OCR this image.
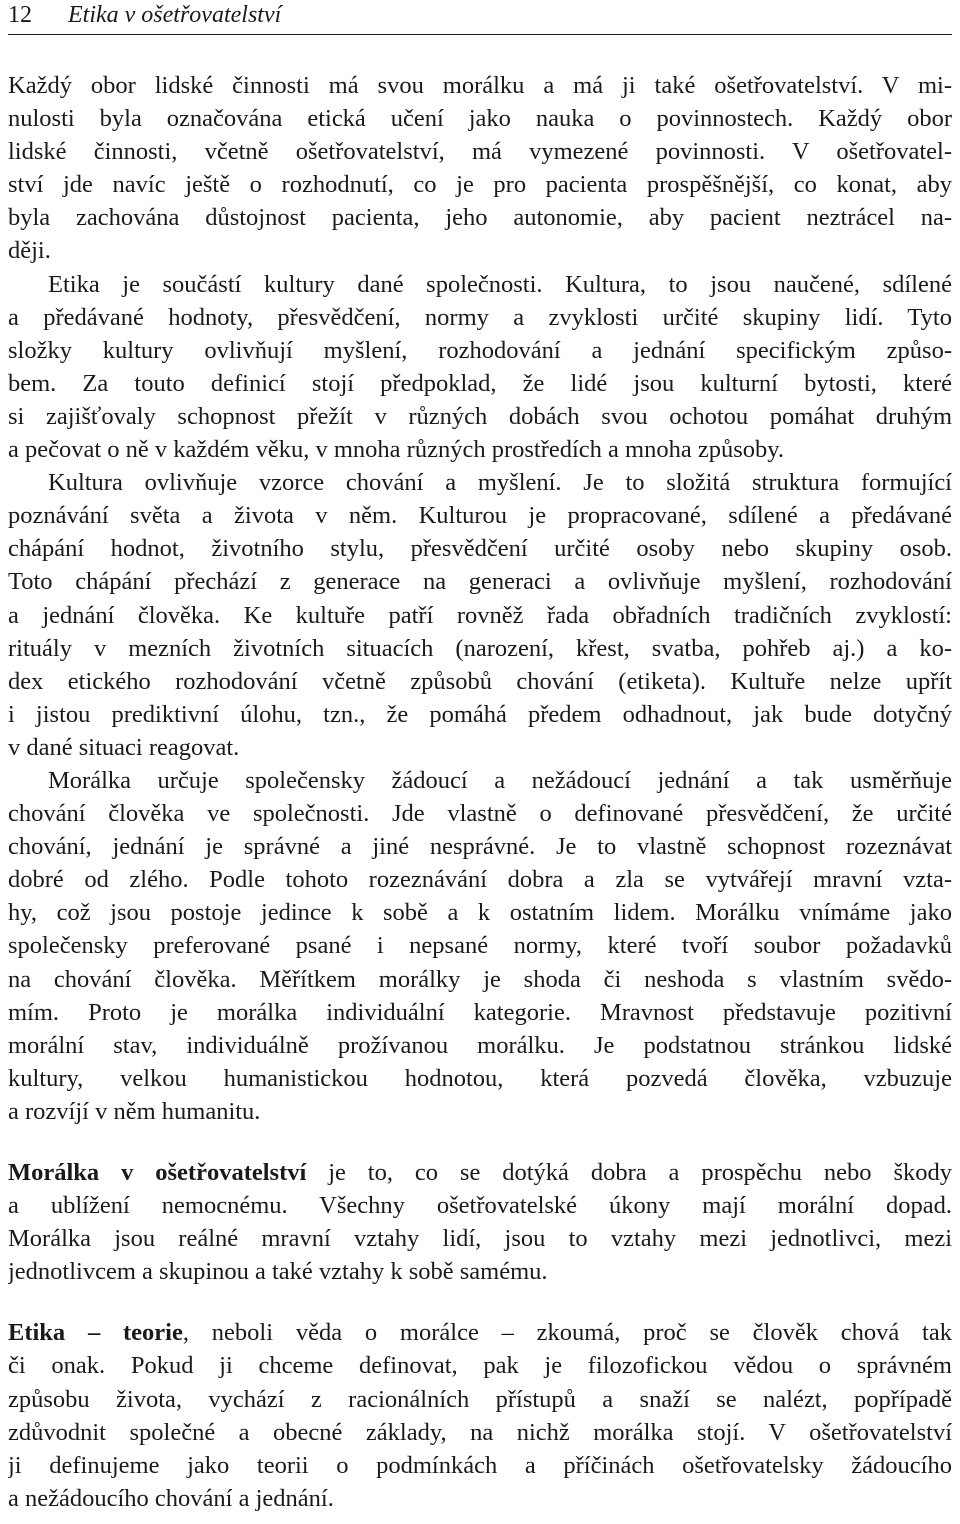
12	Etika v ošetřovatelství
Každý obor lidské činnosti má svou morálku a má ji také ošetřovatelství. V mi-
nulosti byla označována etická učení jako nauka o povinnostech. Každý obor
lidské činnosti, včetně ošetřovatelství, má vymezené povinnosti. V ošetřovatel-
ství jde navíc ještě o rozhodnutí, co je pro pacienta prospěšnější, co konat, aby
byla zachována důstojnost pacienta, jeho autonomie, aby pacient neztrácel na-
ději.
Etika je součástí kultury dané společnosti. Kultura, to jsou naučené, sdílené
a předávané hodnoty, přesvědčení, normy a zvyklosti určité skupiny lidí. Tyto
složky kultury ovlivňují myšlení, rozhodování a jednání specifickým způso-
bem. Za touto definicí stojí předpoklad, že lidé jsou kulturní bytosti, které
si zajišťovaly schopnost přežít v různých dobách svou ochotou pomáhat druhým
a pečovat o ně v každém věku, v mnoha různých prostředích a mnoha způsoby.
Kultura ovlivňuje vzorce chování a myšlení. Je to složitá struktura formující
poznávání světa a života v něm. Kulturou je propracované, sdílené a předávané
chápání hodnot, životního stylu, přesvědčení určité osoby nebo skupiny osob.
Toto chápání přechází z generace na generaci a ovlivňuje myšlení, rozhodování
a jednání člověka. Ke kultuře patří rovněž řada obřadních tradičních zvyklostí:
rituály v mezních životních situacích (narození, křest, svatba, pohřeb aj.) a ko-
dex etického rozhodování včetně způsobů chování (etiketa). Kultuře nelze upřít
i jistou prediktivní úlohu, tzn., že pomáhá předem odhadnout, jak bude dotyčný
v dané situaci reagovat.
Morálka určuje společensky žádoucí a nežádoucí jednání a tak usměrňuje
chování člověka ve společnosti. Jde vlastně o definované přesvědčení, že určité
chování, jednání je správné a jiné nesprávné. Je to vlastně schopnost rozeznávat
dobré od zlého. Podle tohoto rozeznávání dobra a zla se vytvářejí mravní vzta-
hy, což jsou postoje jedince k sobě a k ostatním lidem. Morálku vnímáme jako
společensky preferované psané i nepsané normy, které tvoří soubor požadavků
na chování člověka. Měřítkem morálky je shoda či neshoda s vlastním svědo-
mím. Proto je morálka individuální kategorie. Mravnost představuje pozitivní
morální stav, individuálně prožívanou morálku. Je podstatnou stránkou lidské
kultury, velkou humanistickou hodnotou, která pozvedá člověka, vzbuzuje
a rozvíjí v něm humanitu.
Morálka v ošetřovatelství je to, co se dotýká dobra a prospěchu nebo škody
a ublížení nemocnému. Všechny ošetřovatelské úkony mají morální dopad.
Morálka jsou reálné mravní vztahy lidí, jsou to vztahy mezi jednotlivci, mezi
jednotlivcem a skupinou a také vztahy k sobě samému.
Etika – teorie, neboli věda o morálce – zkoumá, proč se člověk chová tak
či onak. Pokud ji chceme definovat, pak je filozofickou vědou o správném
způsobu života, vychází z racionálních přístupů a snaží se nalézt, popřípadě
zdůvodnit společné a obecné základy, na nichž morálka stojí. V ošetřovatelství
ji definujeme jako teorii o podmínkách a příčinách ošetřovatelsky žádoucího
a nežádoucího chování a jednání.
